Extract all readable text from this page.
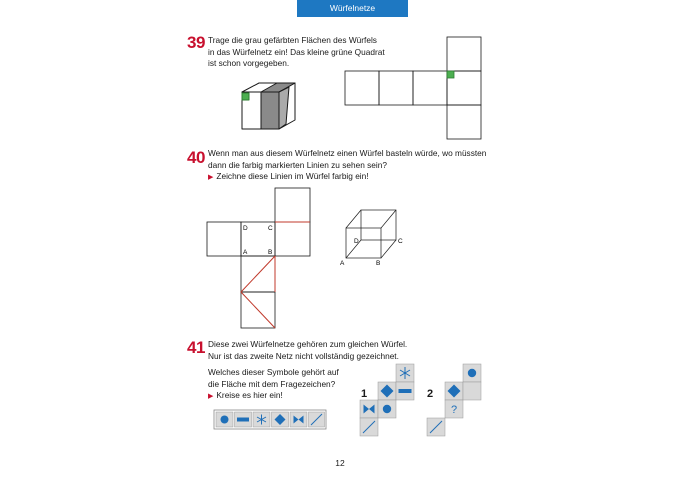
Würfelnetze
39 Trage die grau gefärbten Flächen des Würfels

in das Würfelnetz ein! Das kleine grüne Quadrat

ist schon vorgegeben.

40 Wenn man aus diesem Würfelnetz einen Würfel basteln würde, wo müssten

dann die farbig markierten Linien zu sehen sein?

▶ Zeichne diese Linien im Würfel farbig ein!

D	C
A	B
D	C
A	B
41 Diese zwei Würfelnetze gehören zum gleichen Würfel.

Nur ist das zweite Netz nicht vollständig gezeichnet.

Welches dieser Symbole gehört auf

die Fläche mit dem Fragezeichen?

▶ Kreise es hier ein!	1	2
?
12
